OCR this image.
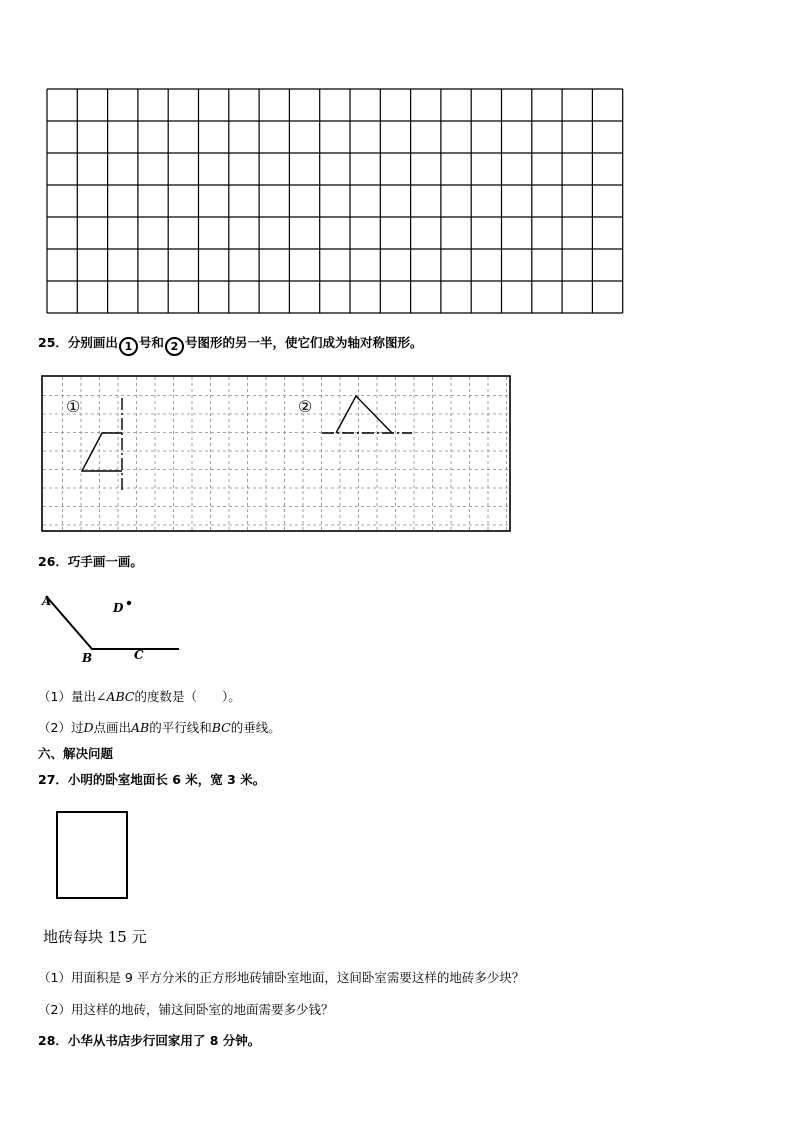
25．分别画出 1 号和 2 号图形的另一半，使它们成为轴对称图形。
①	②
26．巧手画一画。
A
B	C
D
（1）量出∠ABC的度数是（　　）。
（2）过D点画出AB的平行线和BC的垂线。
六、解决问题
27．小明的卧室地面长 6 米，宽 3 米。
地砖每块 15 元
（1）用面积是 9 平方分米的正方形地砖铺卧室地面，这间卧室需要这样的地砖多少块？
（2）用这样的地砖，铺这间卧室的地面需要多少钱？
28．小华从书店步行回家用了 8 分钟。
